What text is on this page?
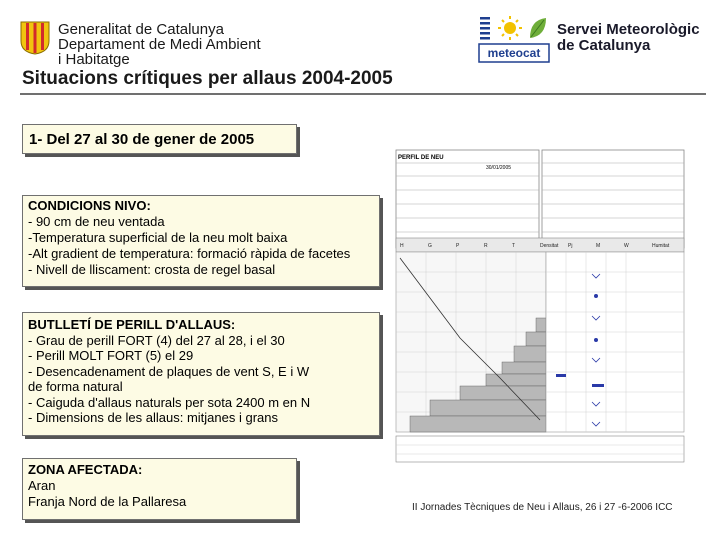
Generalitat de Catalunya
Departament de Medi Ambient
i Habitatge	meteocat
Servei Meteorològic
de Catalunya
Situacions crítiques per allaus 2004-2005
PERFIL DE NEU
30/01/2005
H	G	P	R	T	Densitat Pj	M	W	Humitat
1- Del 27 al 30 de gener de 2005
CONDICIONS NIVO:
- 90 cm de neu ventada
-Temperatura superficial de la neu molt baixa
-Alt gradient de temperatura: formació ràpida de facetes
- Nivell de lliscament: crosta de regel basal
BUTLLETÍ DE PERILL D'ALLAUS:
- Grau de perill FORT (4) del 27 al 28, i el 30
- Perill MOLT FORT (5) el 29
- Desencadenament de plaques de vent S, E i W
de forma natural
- Caiguda d'allaus naturals per sota 2400 m en N
- Dimensions de les allaus: mitjanes i grans
ZONA AFECTADA:
Aran
Franja Nord de la Pallaresa	II Jornades Tècniques de Neu i Allaus, 26 i 27 -6-2006 ICC
